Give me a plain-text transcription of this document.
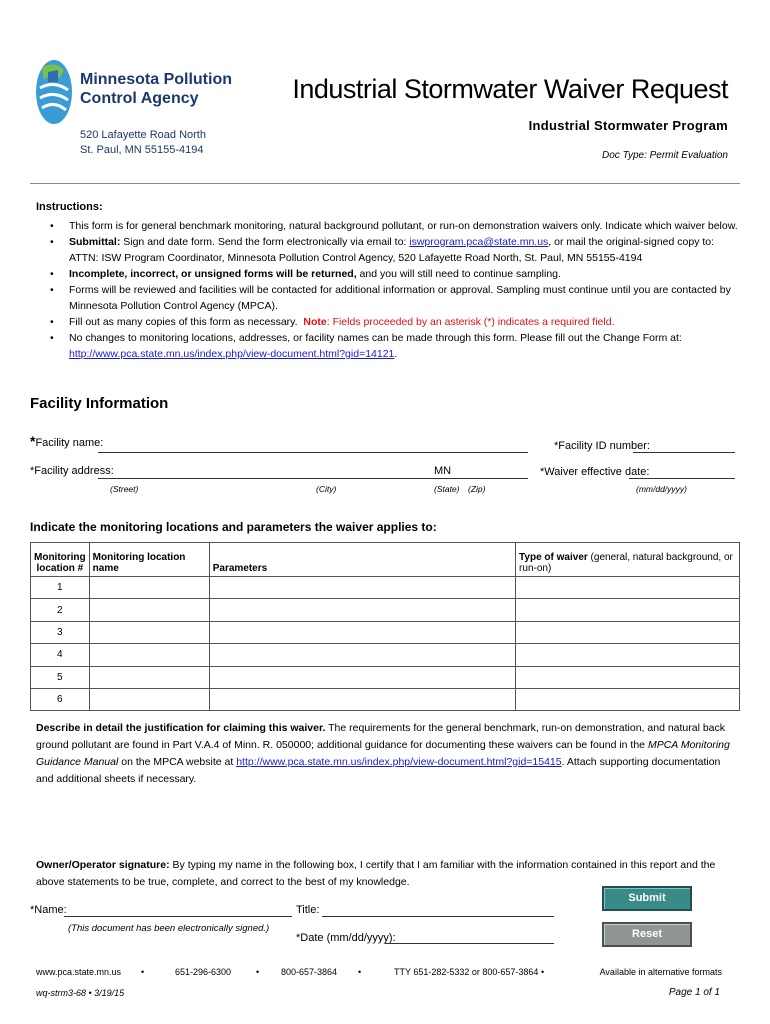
Minnesota Pollution
Control Agency
520 Lafayette Road North
St. Paul, MN 55155-4194
Industrial Stormwater Waiver Request
Industrial Stormwater Program
Doc Type: Permit Evaluation
Instructions:
• This form is for general benchmark monitoring, natural background pollutant, or run-on demonstration waivers only. Indicate which waiver below.
• Submittal: Sign and date form. Send the form electronically via email to: iswprogram.pca@state.mn.us, or mail the original-signed copy to: ATTN: ISW Program Coordinator, Minnesota Pollution Control Agency, 520 Lafayette Road North, St. Paul, MN 55155-4194
• Incomplete, incorrect, or unsigned forms will be returned, and you will still need to continue sampling.
• Forms will be reviewed and facilities will be contacted for additional information or approval. Sampling must continue until you are contacted by Minnesota Pollution Control Agency (MPCA).
• Fill out as many copies of this form as necessary. Note: Fields proceeded by an asterisk (*) indicates a required field.
• No changes to monitoring locations, addresses, or facility names can be made through this form. Please fill out the Change Form at:
http://www.pca.state.mn.us/index.php/view-document.html?gid=14121.
Facility Information
*Facility name:	*Facility ID number:
*Facility address:	MN	*Waiver effective date:
(Street)	(City)	(State) (Zip)	(mm/dd/yyyy)
Indicate the monitoring locations and parameters the waiver applies to:
Monitoring
location #	Monitoring location name	Parameters	Type of waiver (general, natural background, or run-on)
1			
2			
3			
4			
5			
6			
Describe in detail the justification for claiming this waiver. The requirements for the general benchmark, run-on demonstration, and natural back ground pollutant are found in Part V.A.4 of Minn. R. 050000; additional guidance for documenting these waivers can be found in the MPCA Monitoring Guidance Manual on the MPCA website at http://www.pca.state.mn.us/index.php/view-document.html?gid=15415. Attach supporting documentation and additional sheets if necessary.
Owner/Operator signature: By typing my name in the following box, I certify that I am familiar with the information contained in this report and the above statements to be true, complete, and correct to the best of my knowledge.
*Name:	Title:
(This document has been electronically signed.)
*Date (mm/dd/yyyy):
Submit
Reset
www.pca.state.mn.us •	651-296-6300	• 800-657-3864 •	TTY 651-282-5332 or 800-657-3864 •	Available in alternative formats
wq-strm3-68 • 3/19/15	Page 1 of 1
